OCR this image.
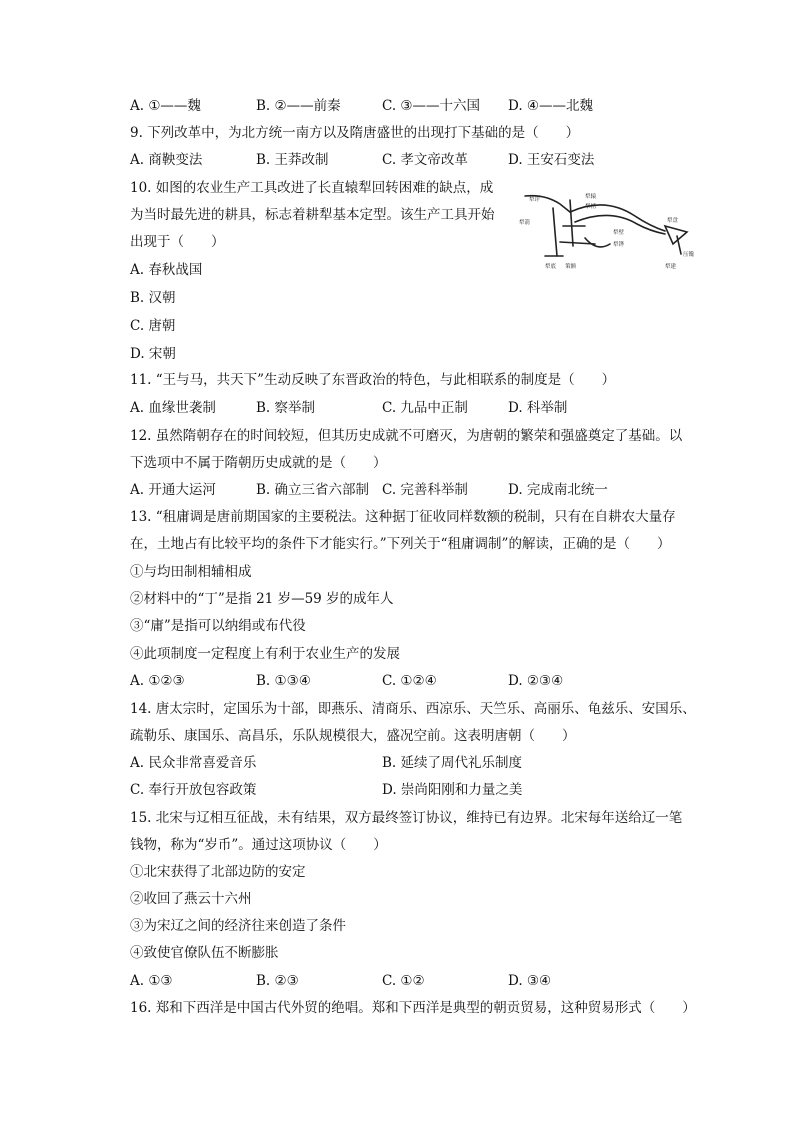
A. ①——魏	B. ②——前秦	C. ③——十六国	D. ④——北魏
9. 下列改革中，为北方统一南方以及隋唐盛世的出现打下基础的是（　　）
A. 商鞅变法	B. 王莽改制	C. 孝文帝改革	D. 王安石变法
10. 如图的农业生产工具改进了长直辕犁回转困难的缺点，成
为当时最先进的耕具，标志着耕犁基本定型。该生产工具开始
出现于（　　）
A. 春秋战国
B. 汉朝
C. 唐朝
D. 宋朝
犁评
犁箭
犁辕
犁梢
犁底
犁壁
犁铧
犁盘
压镵
策额	犁建
11. “王与马，共天下”生动反映了东晋政治的特色，与此相联系的制度是（　　）
A. 血缘世袭制	B. 察举制	C. 九品中正制	D. 科举制
12. 虽然隋朝存在的时间较短，但其历史成就不可磨灭，为唐朝的繁荣和强盛奠定了基础。以
下选项中不属于隋朝历史成就的是（　　）
A. 开通大运河	B. 确立三省六部制 C. 完善科举制	D. 完成南北统一
13. “租庸调是唐前期国家的主要税法。这种据丁征收同样数额的税制，只有在自耕农大量存
在，土地占有比较平均的条件下才能实行。”下列关于“租庸调制”的解读，正确的是（　　）
①与均田制相辅相成
②材料中的“丁”是指 21 岁—59 岁的成年人
③“庸”是指可以纳绢或布代役
④此项制度一定程度上有利于农业生产的发展
A. ①②③	B. ①③④	C. ①②④	D. ②③④
14. 唐太宗时，定国乐为十部，即燕乐、清商乐、西凉乐、天竺乐、高丽乐、龟兹乐、安国乐、
疏勒乐、康国乐、高昌乐，乐队规模很大，盛况空前。这表明唐朝（　　）
A. 民众非常喜爱音乐	B. 延续了周代礼乐制度
C. 奉行开放包容政策	D. 崇尚阳刚和力量之美
15. 北宋与辽相互征战，未有结果，双方最终签订协议，维持已有边界。北宋每年送给辽一笔
钱物，称为“岁币”。通过这项协议（　　）
①北宋获得了北部边防的安定
②收回了燕云十六州
③为宋辽之间的经济往来创造了条件
④致使官僚队伍不断膨胀
A. ①③	B. ②③	C. ①②	D. ③④
16. 郑和下西洋是中国古代外贸的绝唱。郑和下西洋是典型的朝贡贸易，这种贸易形式（　　）
